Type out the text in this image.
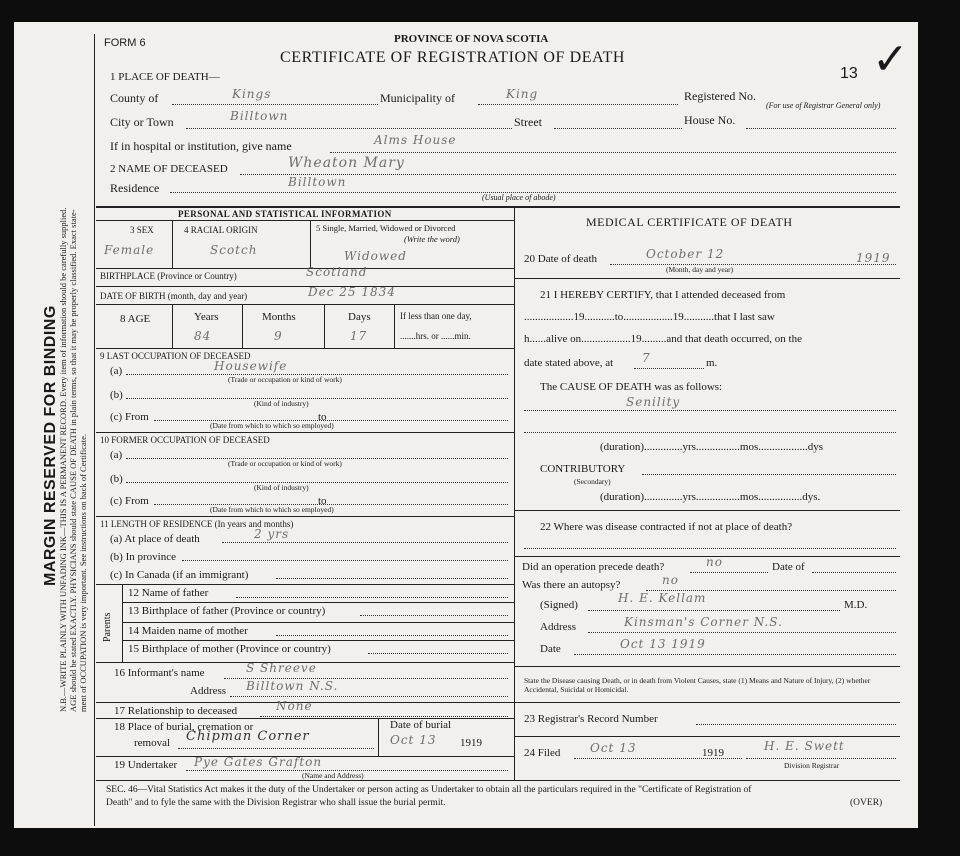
MARGIN RESERVED FOR BINDING N.B.—WRITE PLAINLY WITH UNFADING INK—THIS IS A PERMANENT RECORD. Every item of information should be carefully supplied. AGE should be stated EXACTLY. PHYSICIANS should state CAUSE OF DEATH in plain terms, so that it may be properly classified. Exact state- ment of OCCUPATION is very important. See instructions on back of Certificate.
FORM 6	PROVINCE OF NOVA SCOTIA
CERTIFICATE OF REGISTRATION OF DEATH
13 ✓
1 PLACE OF DEATH—
County of	Kings	Municipality of	King	Registered No.
(For use of Registrar General only)
City or Town	Billtown	Street	House No.
If in hospital or institution, give name	Alms House
2 NAME OF DECEASED	Wheaton Mary
Residence	Billtown
(Usual place of abode)
PERSONAL AND STATISTICAL INFORMATION
3 SEX	4 RACIAL ORIGIN	5 Single, Married, Widowed or Divorced
(Write the word)
Female	Scotch	Widowed
BIRTHPLACE (Province or Country)	Scotland
DATE OF BIRTH (month, day and year)	Dec 25 1834
8 AGE	Years	Months	Days	If less than one day,
.......hrs. or ......min.
84	9	17
9 LAST OCCUPATION OF DECEASED
(a)	Housewife
(Trade or occupation or kind of work)
(b)
(Kind of industry)
(c) From	to
(Date from which to which so employed)
10 FORMER OCCUPATION OF DECEASED
(a)
(Trade or occupation or kind of work)
(b)
(Kind of industry)
(c) From	to
(Date from which to which so employed)
11 LENGTH OF RESIDENCE (In years and months)
(a) At place of death	2 yrs
(b) In province
(c) In Canada (if an immigrant)
Parents
12 Name of father
13 Birthplace of father (Province or country)
14 Maiden name of mother
15 Birthplace of mother (Province or country)
16 Informant's name	S Shreeve
Address Billtown N.S.
17 Relationship to deceased	None
18 Place of burial, cremation or
removal Chipman Corner
Date of burial
Oct 13 1919
19 Undertaker Pye Gates Grafton
(Name and Address)
MEDICAL CERTIFICATE OF DEATH
20 Date of death	October 12	1919
(Month, day and year)
21 I HEREBY CERTIFY, that I attended deceased from
..................19...........to..................19...........that I last saw
h......alive on..................19.........and that death occurred, on the
date stated above, at 7	m.
The CAUSE OF DEATH was as follows:
Senility
(duration)..............yrs................mos..................dys
CONTRIBUTORY
(Secondary)
(duration)..............yrs................mos................dys.
22 Where was disease contracted if not at place of death?
Did an operation precede death?	no	Date of
Was there an autopsy?	no
(Signed)	H. E. Kellam	M.D.
Address	Kinsman's Corner N.S.
Date	Oct 13 1919
State the Disease causing Death, or in death from Violent Causes, state (1) Means and Nature of Injury, (2) whether Accidental, Suicidal or Homicidal.
23 Registrar's Record Number
24 Filed Oct 13	1919	H. E. Swett
Division Registrar
SEC. 46—Vital Statistics Act makes it the duty of the Undertaker or person acting as Undertaker to obtain all the particulars required in the "Certificate of Registration of
Death" and to fyle the same with the Division Registrar who shall issue the burial permit.	(OVER)
